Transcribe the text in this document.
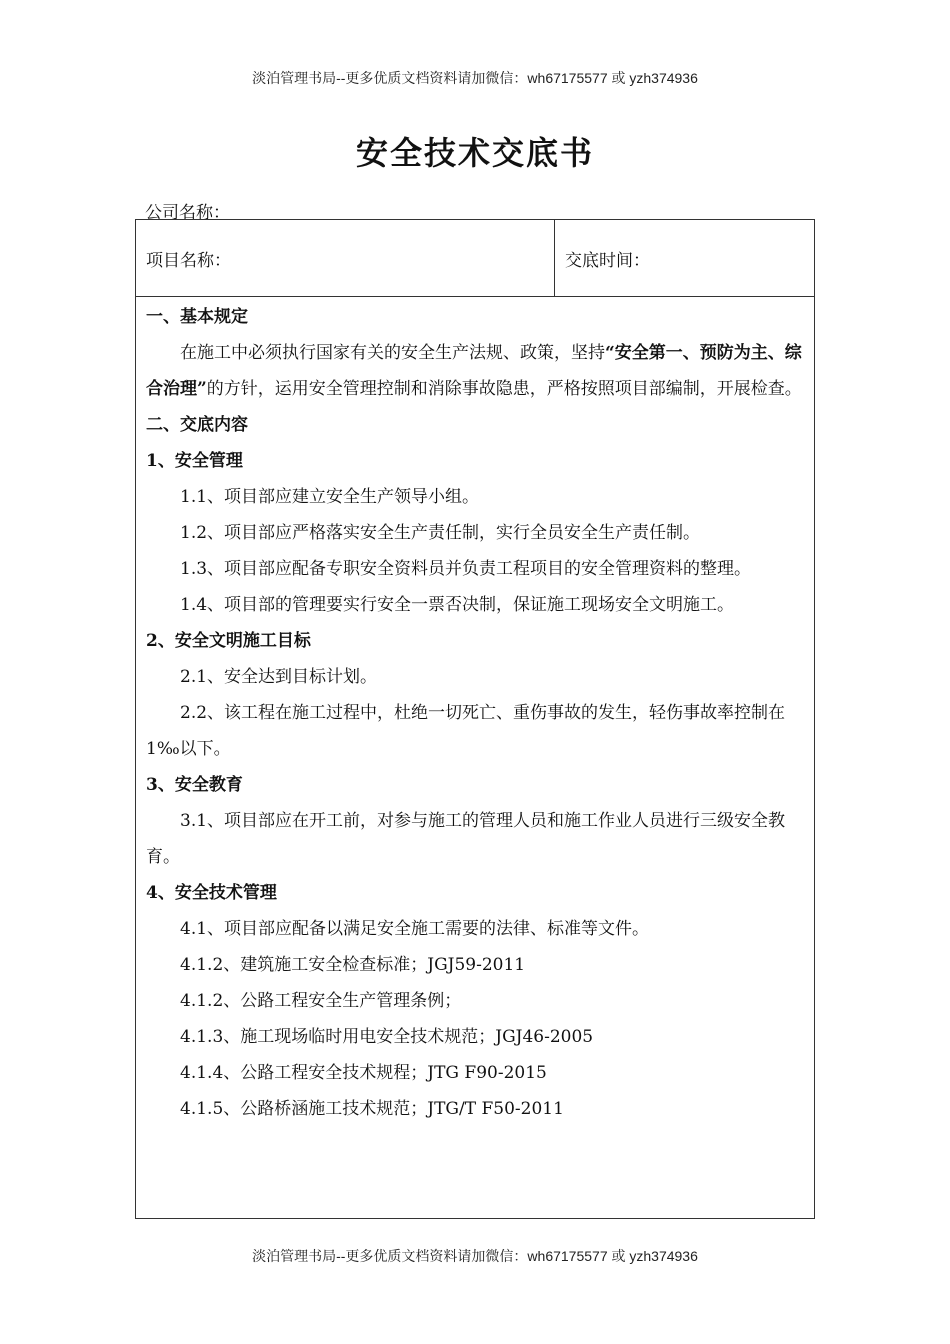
淡泊管理书局--更多优质文档资料请加微信：wh67175577 或 yzh374936
安全技术交底书
公司名称：
项目名称：	交底时间：
一、基本规定
在施工中必须执行国家有关的安全生产法规、政策，坚持“安全第一、预防为主、综合治理”的方针，运用安全管理控制和消除事故隐患，严格按照项目部编制，开展检查。
二、交底内容
1、安全管理
1.1、项目部应建立安全生产领导小组。
1.2、项目部应严格落实安全生产责任制，实行全员安全生产责任制。
1.3、项目部应配备专职安全资料员并负责工程项目的安全管理资料的整理。
1.4、项目部的管理要实行安全一票否决制，保证施工现场安全文明施工。
2、安全文明施工目标
2.1、安全达到目标计划。
2.2、该工程在施工过程中，杜绝一切死亡、重伤事故的发生，轻伤事故率控制在1‰以下。
3、安全教育
3.1、项目部应在开工前，对参与施工的管理人员和施工作业人员进行三级安全教育。
4、安全技术管理
4.1、项目部应配备以满足安全施工需要的法律、标准等文件。
4.1.2、建筑施工安全检查标准；JGJ59-2011
4.1.2、公路工程安全生产管理条例；
4.1.3、施工现场临时用电安全技术规范；JGJ46-2005
4.1.4、公路工程安全技术规程；JTG F90-2015
4.1.5、公路桥涵施工技术规范；JTG/T F50-2011
淡泊管理书局--更多优质文档资料请加微信：wh67175577 或 yzh374936
